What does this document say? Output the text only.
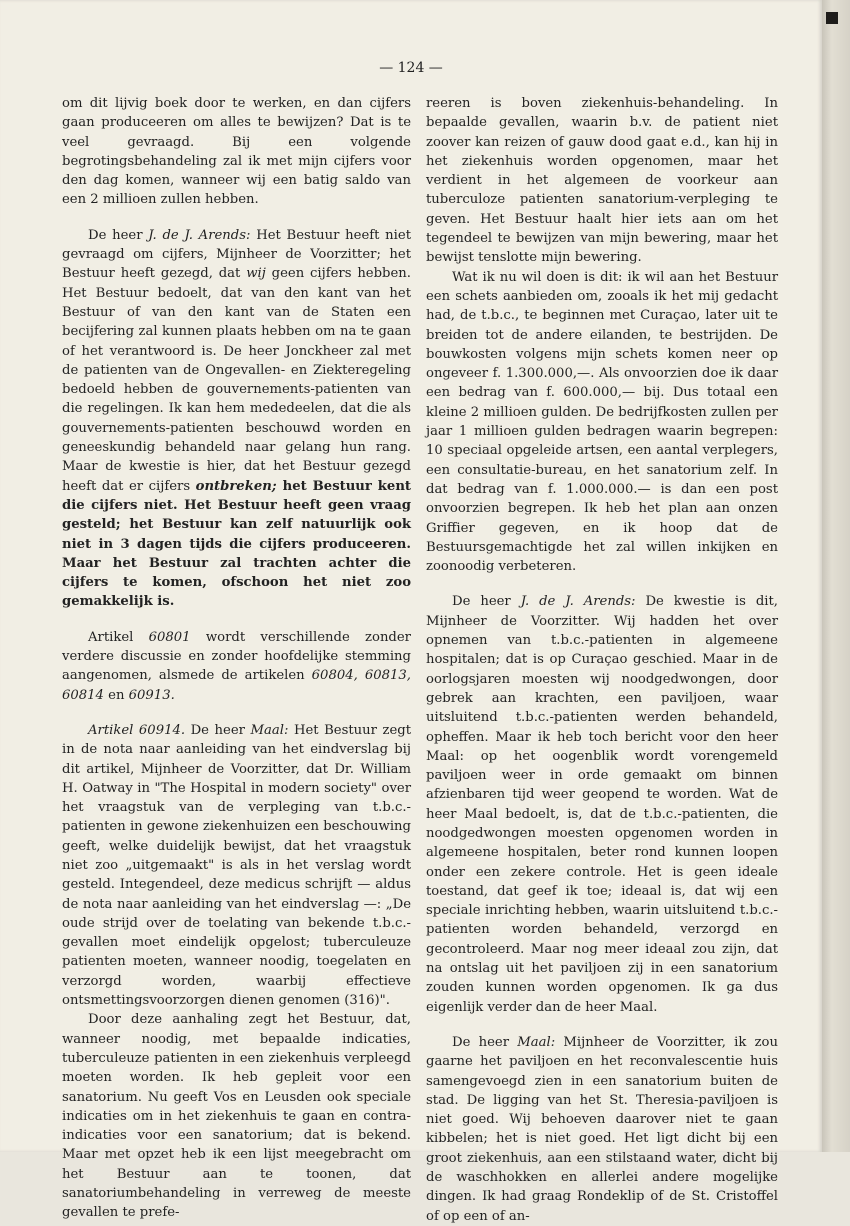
— 124 —

om dit lijvig boek door te werken, en dan cijfers gaan produceeren om alles te bewijzen? Dat is te veel gevraagd. Bij een volgende begrotingsbehandeling zal ik met mijn cijfers voor den dag komen, wanneer wij een batig saldo van een 2 millioen zullen hebben.

De heer J. de J. Arends: Het Bestuur heeft niet gevraagd om cijfers, Mijnheer de Voorzitter; het Bestuur heeft gezegd, dat wij geen cijfers hebben. Het Bestuur bedoelt, dat van den kant van het Bestuur of van den kant van de Staten een becijfering zal kunnen plaats hebben om na te gaan of het verantwoord is. De heer Jonckheer zal met de patienten van de Ongevallen- en Ziekteregeling bedoeld hebben de gouvernements-patienten van die regelingen. Ik kan hem mededeelen, dat die als gouvernements-patienten beschouwd worden en geneeskundig behandeld naar gelang hun rang. Maar de kwestie is hier, dat het Bestuur gezegd heeft dat er cijfers ontbreken; het Bestuur kent die cijfers niet. Het Bestuur heeft geen vraag gesteld; het Bestuur kan zelf natuurlijk ook niet in 3 dagen tijds die cijfers produceeren. Maar het Bestuur zal trachten achter die cijfers te komen, ofschoon het niet zoo gemakkelijk is.

Artikel 60801 wordt verschillende zonder verdere discussie en zonder hoofdelijke stemming aangenomen, alsmede de artikelen 60804, 60813, 60814 en 60913.

Artikel 60914. De heer Maal: Het Bestuur zegt in de nota naar aanleiding van het eindverslag bij dit artikel, Mijnheer de Voorzitter, dat Dr. William H. Oatway in "The Hospital in modern society" over het vraagstuk van de verpleging van t.b.c.-patienten in gewone ziekenhuizen een beschouwing geeft, welke duidelijk bewijst, dat het vraagstuk niet zoo „uitgemaakt" is als in het verslag wordt gesteld. Integendeel, deze medicus schrijft — aldus de nota naar aanleiding van het eindverslag —: „De oude strijd over de toelating van bekende t.b.c.-gevallen moet eindelijk opgelost; tuberculeuze patienten moeten, wanneer noodig, toegelaten en verzorgd worden, waarbij effectieve ontsmettingsvoorzorgen dienen genomen (316)".

Door deze aanhaling zegt het Bestuur, dat, wanneer noodig, met bepaalde indicaties, tuberculeuze patienten in een ziekenhuis verpleegd moeten worden. Ik heb gepleit voor een sanatorium. Nu geeft Vos en Leusden ook speciale indicaties om in het ziekenhuis te gaan en contra-indicaties voor een sanatorium; dat is bekend. Maar met opzet heb ik een lijst meegebracht om het Bestuur aan te toonen, dat sanatoriumbehandeling in verreweg de meeste gevallen te prefe-

reeren is boven ziekenhuis-behandeling. In bepaalde gevallen, waarin b.v. de patient niet zoover kan reizen of gauw dood gaat e.d., kan hij in het ziekenhuis worden opgenomen, maar het verdient in het algemeen de voorkeur aan tuberculoze patienten sanatorium-verpleging te geven. Het Bestuur haalt hier iets aan om het tegendeel te bewijzen van mijn bewering, maar het bewijst tenslotte mijn bewering.

Wat ik nu wil doen is dit: ik wil aan het Bestuur een schets aanbieden om, zooals ik het mij gedacht had, de t.b.c., te beginnen met Curaçao, later uit te breiden tot de andere eilanden, te bestrijden. De bouwkosten volgens mijn schets komen neer op ongeveer f. 1.300.000,—. Als onvoorzien doe ik daar een bedrag van f. 600.000,— bij. Dus totaal een kleine 2 millioen gulden. De bedrijfkosten zullen per jaar 1 millioen gulden bedragen waarin begrepen: 10 speciaal opgeleide artsen, een aantal verplegers, een consultatie-bureau, en het sanatorium zelf. In dat bedrag van f. 1.000.000.— is dan een post onvoorzien begrepen. Ik heb het plan aan onzen Griffier gegeven, en ik hoop dat de Bestuursgemachtigde het zal willen inkijken en zoonoodig verbeteren.

De heer J. de J. Arends: De kwestie is dit, Mijnheer de Voorzitter. Wij hadden het over opnemen van t.b.c.-patienten in algemeene hospitalen; dat is op Curaçao geschied. Maar in de oorlogsjaren moesten wij noodgedwongen, door gebrek aan krachten, een paviljoen, waar uitsluitend t.b.c.-patienten werden behandeld, opheffen. Maar ik heb toch bericht voor den heer Maal: op het oogenblik wordt vorengemeld paviljoen weer in orde gemaakt om binnen afzienbaren tijd weer geopend te worden. Wat de heer Maal bedoelt, is, dat de t.b.c.-patienten, die noodgedwongen moesten opgenomen worden in algemeene hospitalen, beter rond kunnen loopen onder een zekere controle. Het is geen ideale toestand, dat geef ik toe; ideaal is, dat wij een speciale inrichting hebben, waarin uitsluitend t.b.c.-patienten worden behandeld, verzorgd en gecontroleerd. Maar nog meer ideaal zou zijn, dat na ontslag uit het paviljoen zij in een sanatorium zouden kunnen worden opgenomen. Ik ga dus eigenlijk verder dan de heer Maal.

De heer Maal: Mijnheer de Voorzitter, ik zou gaarne het paviljoen en het reconvalescentie huis samengevoegd zien in een sanatorium buiten de stad. De ligging van het St. Theresia-paviljoen is niet goed. Wij behoeven daarover niet te gaan kibbelen; het is niet goed. Het ligt dicht bij een groot ziekenhuis, aan een stilstaand water, dicht bij de waschhokken en allerlei andere mogelijke dingen. Ik had graag Rondeklip of de St. Cristoffel of op een of an-
